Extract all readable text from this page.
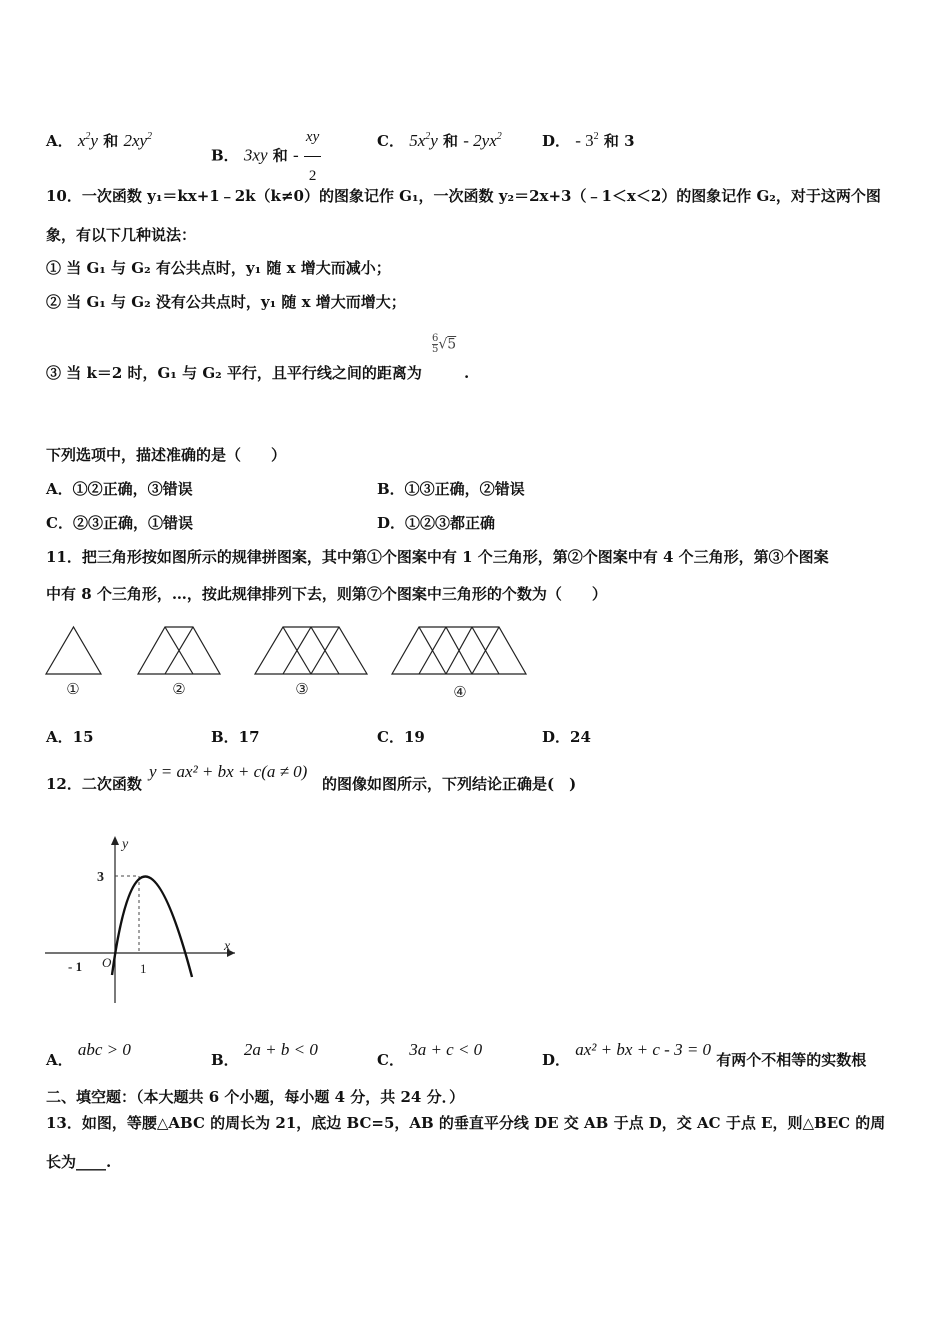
A． $x^2y$ 和 $2xy^2$
B． 3xy 和 - $\frac{xy}{2}$	C． $5x^2y$ 和 - $2yx^2$	D． - $3^2$ 和 3
10．一次函数 y₁＝kx+1﹣2k（k≠0）的图象记作 G₁，一次函数 y₂＝2x+3（﹣1＜x＜2）的图象记作 G₂，对于这两个图
象，有以下几种说法：
① 当 G₁ 与 G₂ 有公共点时，y₁ 随 x 增大而减小；
② 当 G₁ 与 G₂ 没有公共点时，y₁ 随 x 增大而增大；
$\frac{6}{5} √5$
③ 当 k＝2 时，G₁ 与 G₂ 平行，且平行线之间的距离为	.
下列选项中，描述准确的是（　　）
A．①②正确，③错误	B．①③正确，②错误
C．②③正确，①错误	D．①②③都正确
11．把三角形按如图所示的规律拼图案，其中第①个图案中有 1 个三角形，第②个图案中有 4 个三角形，第③个图案
中有 8 个三角形，…，按此规律排列下去，则第⑦个图案中三角形的个数为（　　）
①	②	③	④
A．15	B．17	C．19	D．24
12．二次函数
y = ax² + bx + c(a ≠ 0)
的图像如图所示，下列结论正确是(　)
y
x
3
- 1 O 1
A． abc > 0
B． 2a + b < 0
C． 3a + c < 0
D． ax² + bx + c - 3 = 0 有两个不相等的实数根
二、填空题：（本大题共 6 个小题，每小题 4 分，共 24 分．）
13．如图，等腰△ABC 的周长为 21，底边 BC=5，AB 的垂直平分线 DE 交 AB 于点 D，交 AC 于点 E，则△BEC 的周
长为____.
